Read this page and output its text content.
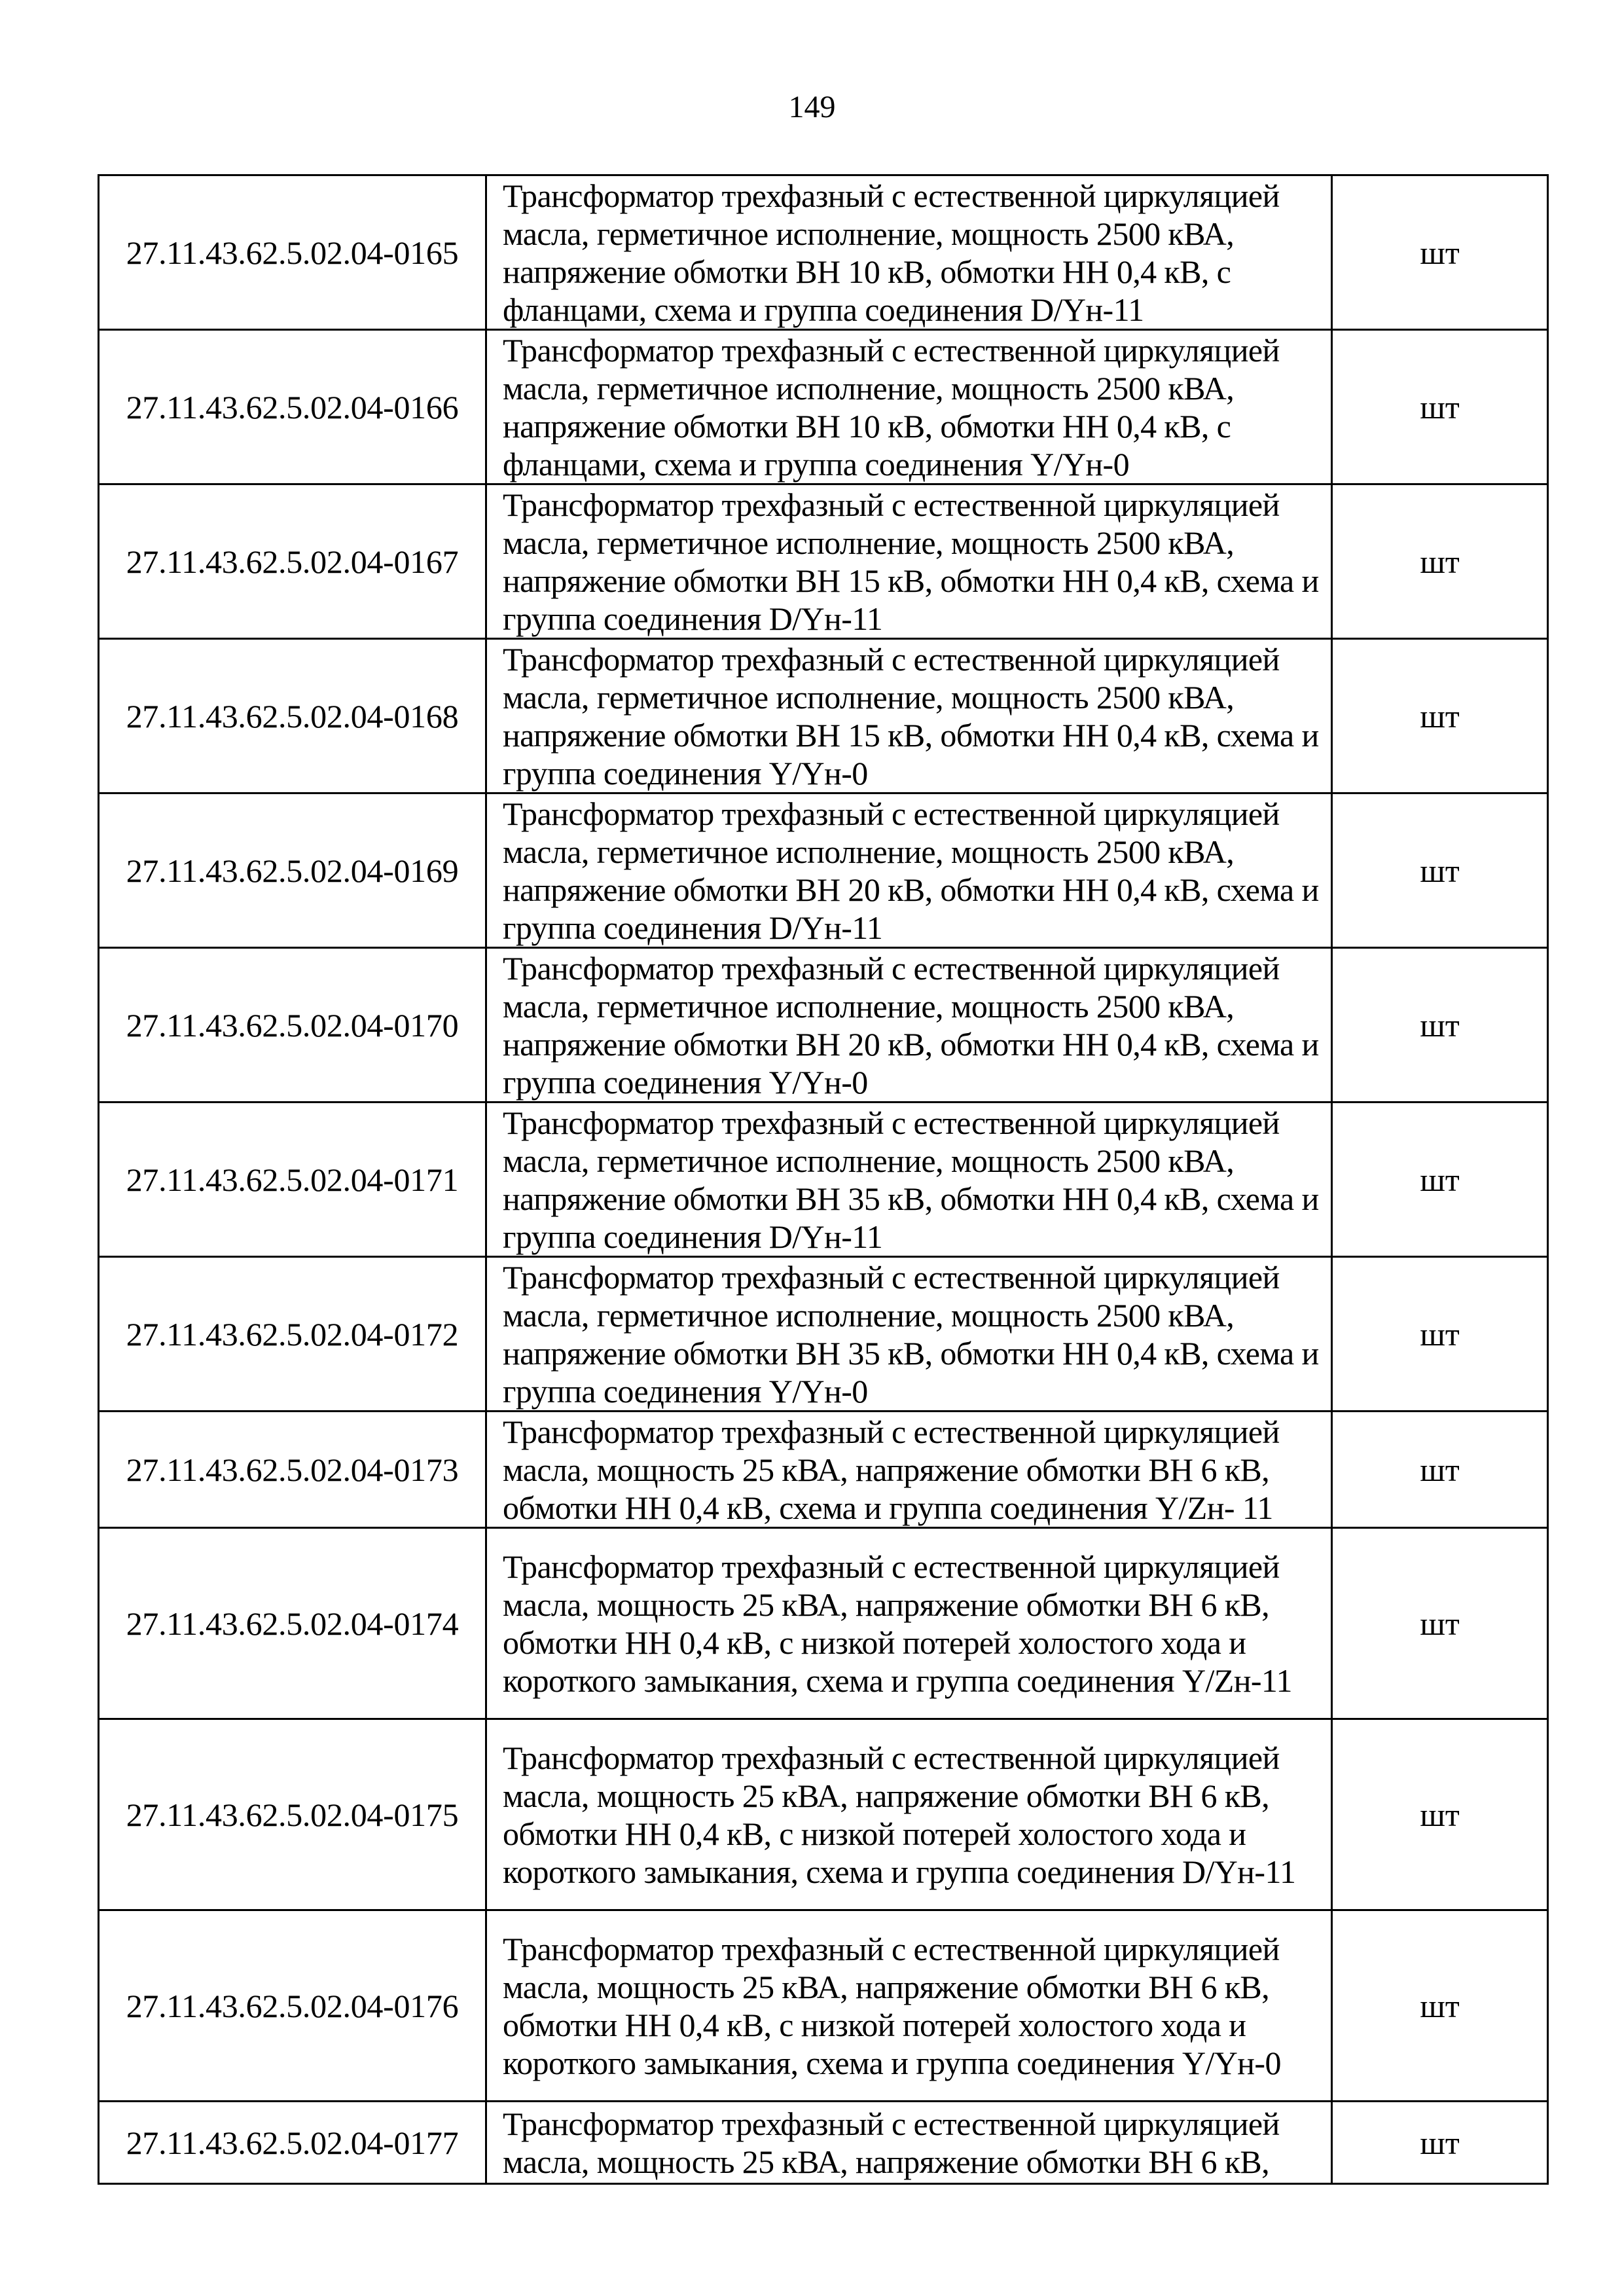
149
27.11.43.62.5.02.04-0165	Трансформатор трехфазный с естественной циркуляцией масла, герметичное исполнение, мощность 2500 кВА, напряжение обмотки ВН 10 кВ, обмотки НН 0,4 кВ, с фланцами, схема и группа соединения D/Yн-11	шт
27.11.43.62.5.02.04-0166	Трансформатор трехфазный с естественной циркуляцией масла, герметичное исполнение, мощность 2500 кВА, напряжение обмотки ВН 10 кВ, обмотки НН 0,4 кВ, с фланцами, схема и группа соединения Y/Yн-0	шт
27.11.43.62.5.02.04-0167	Трансформатор трехфазный с естественной циркуляцией масла, герметичное исполнение, мощность 2500 кВА, напряжение обмотки ВН 15 кВ, обмотки НН 0,4 кВ, схема и группа соединения D/Yн-11	шт
27.11.43.62.5.02.04-0168	Трансформатор трехфазный с естественной циркуляцией масла, герметичное исполнение, мощность 2500 кВА, напряжение обмотки ВН 15 кВ, обмотки НН 0,4 кВ, схема и группа соединения Y/Yн-0	шт
27.11.43.62.5.02.04-0169	Трансформатор трехфазный с естественной циркуляцией масла, герметичное исполнение, мощность 2500 кВА, напряжение обмотки ВН 20 кВ, обмотки НН 0,4 кВ, схема и группа соединения D/Yн-11	шт
27.11.43.62.5.02.04-0170	Трансформатор трехфазный с естественной циркуляцией масла, герметичное исполнение, мощность 2500 кВА, напряжение обмотки ВН 20 кВ, обмотки НН 0,4 кВ, схема и группа соединения Y/Yн-0	шт
27.11.43.62.5.02.04-0171	Трансформатор трехфазный с естественной циркуляцией масла, герметичное исполнение, мощность 2500 кВА, напряжение обмотки ВН 35 кВ, обмотки НН 0,4 кВ, схема и группа соединения D/Yн-11	шт
27.11.43.62.5.02.04-0172	Трансформатор трехфазный с естественной циркуляцией масла, герметичное исполнение, мощность 2500 кВА, напряжение обмотки ВН 35 кВ, обмотки НН 0,4 кВ, схема и группа соединения Y/Yн-0	шт
27.11.43.62.5.02.04-0173	Трансформатор трехфазный с естественной циркуляцией масла, мощность 25 кВА, напряжение обмотки ВН 6 кВ, обмотки НН 0,4 кВ, схема и группа соединения Y/Zн- 11	шт
27.11.43.62.5.02.04-0174	Трансформатор трехфазный с естественной циркуляцией масла, мощность 25 кВА, напряжение обмотки ВН 6 кВ, обмотки НН 0,4 кВ, с низкой потерей холостого хода и короткого замыкания, схема и группа соединения Y/Zн-11	шт
27.11.43.62.5.02.04-0175	Трансформатор трехфазный с естественной циркуляцией масла, мощность 25 кВА, напряжение обмотки ВН 6 кВ, обмотки НН 0,4 кВ, с низкой потерей холостого хода и короткого замыкания, схема и группа соединения D/Yн-11	шт
27.11.43.62.5.02.04-0176	Трансформатор трехфазный с естественной циркуляцией масла, мощность 25 кВА, напряжение обмотки ВН 6 кВ, обмотки НН 0,4 кВ, с низкой потерей холостого хода и короткого замыкания, схема и группа соединения Y/Yн-0	шт
27.11.43.62.5.02.04-0177	Трансформатор трехфазный с естественной циркуляцией масла, мощность 25 кВА, напряжение обмотки ВН 6 кВ,	шт
